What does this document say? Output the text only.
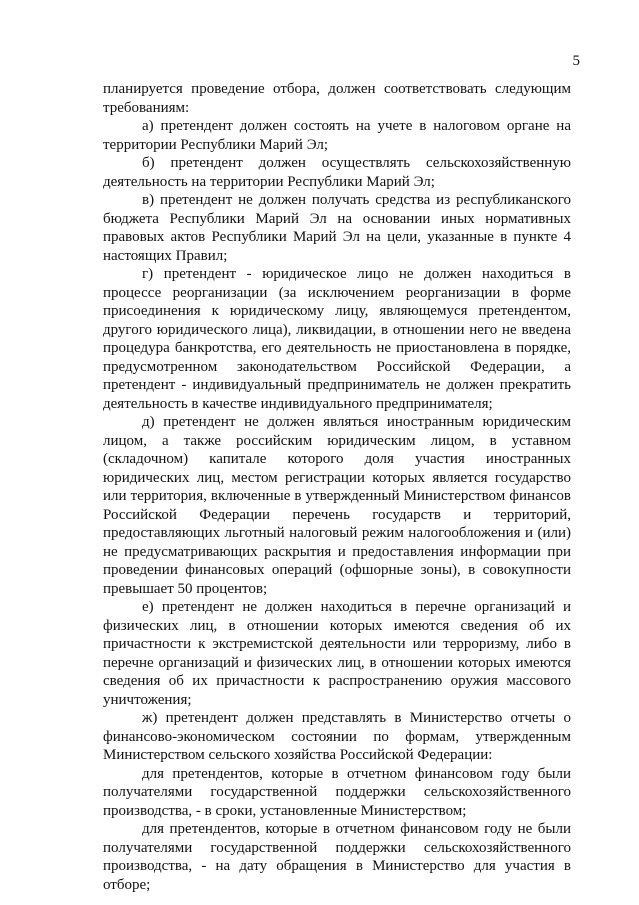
5

планируется проведение отбора, должен соответствовать следующим требованиям:

а) претендент должен состоять на учете в налоговом органе на территории Республики Марий Эл;

б) претендент должен осуществлять сельскохозяйственную деятельность на территории Республики Марий Эл;

в) претендент не должен получать средства из республиканского бюджета Республики Марий Эл на основании иных нормативных правовых актов Республики Марий Эл на цели, указанные в пункте 4 настоящих Правил;

г) претендент - юридическое лицо не должен находиться в процессе реорганизации (за исключением реорганизации в форме присоединения к юридическому лицу, являющемуся претендентом, другого юридического лица), ликвидации, в отношении него не введена процедура банкротства, его деятельность не приостановлена в порядке, предусмотренном законодательством Российской Федерации, а претендент - индивидуальный предприниматель не должен прекратить деятельность в качестве индивидуального предпринимателя;

д) претендент не должен являться иностранным юридическим лицом, а также российским юридическим лицом, в уставном (складочном) капитале которого доля участия иностранных юридических лиц, местом регистрации которых является государство или территория, включенные в утвержденный Министерством финансов Российской Федерации перечень государств и территорий, предоставляющих льготный налоговый режим налогообложения и (или) не предусматривающих раскрытия и предоставления информации при проведении финансовых операций (офшорные зоны), в совокупности превышает 50 процентов;

е) претендент не должен находиться в перечне организаций и физических лиц, в отношении которых имеются сведения об их причастности к экстремистской деятельности или терроризму, либо в перечне организаций и физических лиц, в отношении которых имеются сведения об их причастности к распространению оружия массового уничтожения;

ж) претендент должен представлять в Министерство отчеты о финансово-экономическом состоянии по формам, утвержденным Министерством сельского хозяйства Российской Федерации:

для претендентов, которые в отчетном финансовом году были получателями государственной поддержки сельскохозяйственного производства, - в сроки, установленные Министерством;

для претендентов, которые в отчетном финансовом году не были получателями государственной поддержки сельскохозяйственного производства, - на дату обращения в Министерство для участия в отборе;
